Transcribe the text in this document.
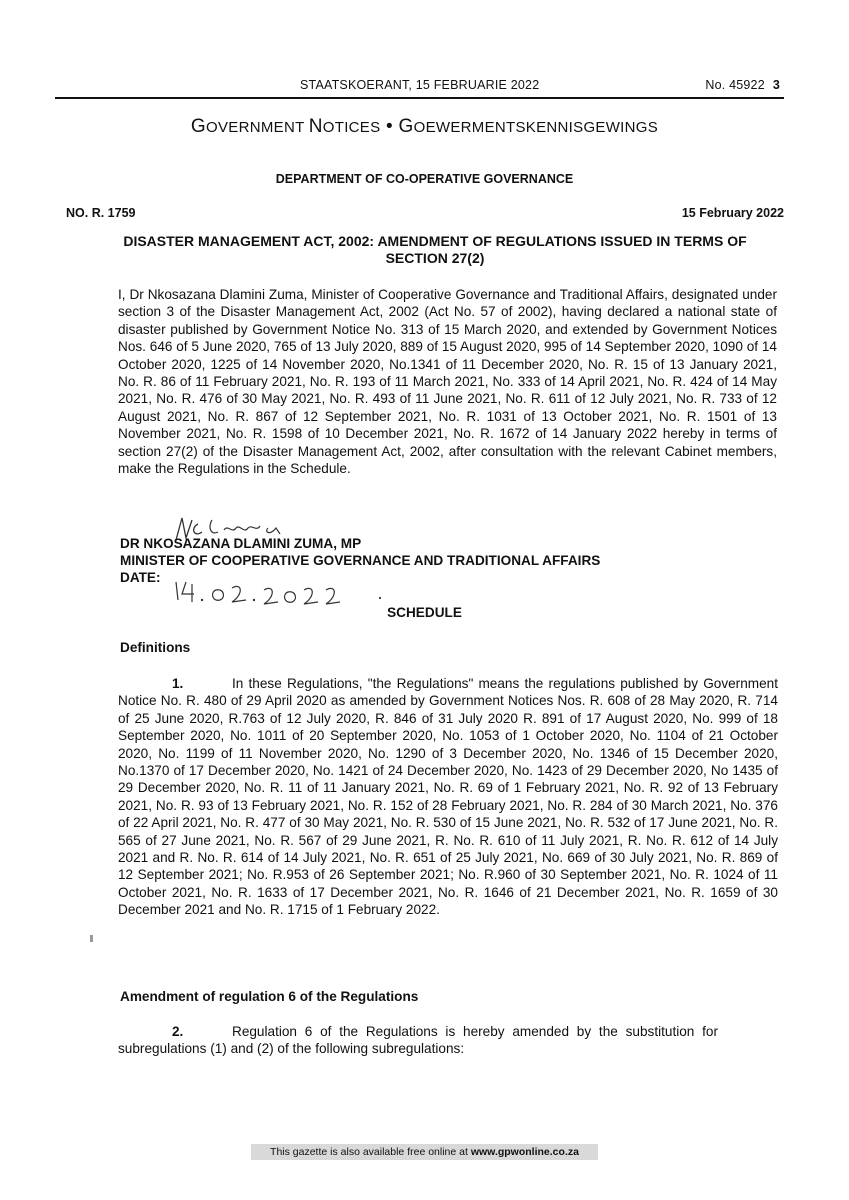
STAATSKOERANT, 15 FEBRUARIE 2022	No. 45922 3
GOVERNMENT NOTICES • GOEWERMENTSKENNISGEWINGS
DEPARTMENT OF CO-OPERATIVE GOVERNANCE
NO. R. 1759	15 February 2022
DISASTER MANAGEMENT ACT, 2002: AMENDMENT OF REGULATIONS ISSUED IN TERMS OF SECTION 27(2)
I, Dr Nkosazana Dlamini Zuma, Minister of Cooperative Governance and Traditional Affairs, designated under section 3 of the Disaster Management Act, 2002 (Act No. 57 of 2002), having declared a national state of disaster published by Government Notice No. 313 of 15 March 2020, and extended by Government Notices Nos. 646 of 5 June 2020, 765 of 13 July 2020, 889 of 15 August 2020, 995 of 14 September 2020, 1090 of 14 October 2020, 1225 of 14 November 2020, No.1341 of 11 December 2020, No. R. 15 of 13 January 2021, No. R. 86 of 11 February 2021, No. R. 193 of 11 March 2021, No. 333 of 14 April 2021, No. R. 424 of 14 May 2021, No. R. 476 of 30 May 2021, No. R. 493 of 11 June 2021, No. R. 611 of 12 July 2021, No. R. 733 of 12 August 2021, No. R. 867 of 12 September 2021, No. R. 1031 of 13 October 2021, No. R. 1501 of 13 November 2021, No. R. 1598 of 10 December 2021, No. R. 1672 of 14 January 2022 hereby in terms of section 27(2) of the Disaster Management Act, 2002, after consultation with the relevant Cabinet members, make the Regulations in the Schedule.
DR NKOSAZANA DLAMINI ZUMA, MP
MINISTER OF COOPERATIVE GOVERNANCE AND TRADITIONAL AFFAIRS
DATE:
SCHEDULE
Definitions
1.	In these Regulations, "the Regulations" means the regulations published by Government Notice No. R. 480 of 29 April 2020 as amended by Government Notices Nos. R. 608 of 28 May 2020, R. 714 of 25 June 2020, R.763 of 12 July 2020, R. 846 of 31 July 2020 R. 891 of 17 August 2020, No. 999 of 18 September 2020, No. 1011 of 20 September 2020, No. 1053 of 1 October 2020, No. 1104 of 21 October 2020, No. 1199 of 11 November 2020, No. 1290 of 3 December 2020, No. 1346 of 15 December 2020, No.1370 of 17 December 2020, No. 1421 of 24 December 2020, No. 1423 of 29 December 2020, No 1435 of 29 December 2020, No. R. 11 of 11 January 2021, No. R. 69 of 1 February 2021, No. R. 92 of 13 February 2021, No. R. 93 of 13 February 2021, No. R. 152 of 28 February 2021, No. R. 284 of 30 March 2021, No. 376 of 22 April 2021, No. R. 477 of 30 May 2021, No. R. 530 of 15 June 2021, No. R. 532 of 17 June 2021, No. R. 565 of 27 June 2021, No. R. 567 of 29 June 2021, R. No. R. 610 of 11 July 2021, R. No. R. 612 of 14 July 2021 and R. No. R. 614 of 14 July 2021, No. R. 651 of 25 July 2021, No. 669 of 30 July 2021, No. R. 869 of 12 September 2021; No. R.953 of 26 September 2021; No. R.960 of 30 September 2021, No. R. 1024 of 11 October 2021, No. R. 1633 of 17 December 2021, No. R. 1646 of 21 December 2021, No. R. 1659 of 30 December 2021 and No. R. 1715 of 1 February 2022.
Amendment of regulation 6 of the Regulations
2.	Regulation 6 of the Regulations is hereby amended by the substitution for subregulations (1) and (2) of the following subregulations:
This gazette is also available free online at www.gpwonline.co.za
